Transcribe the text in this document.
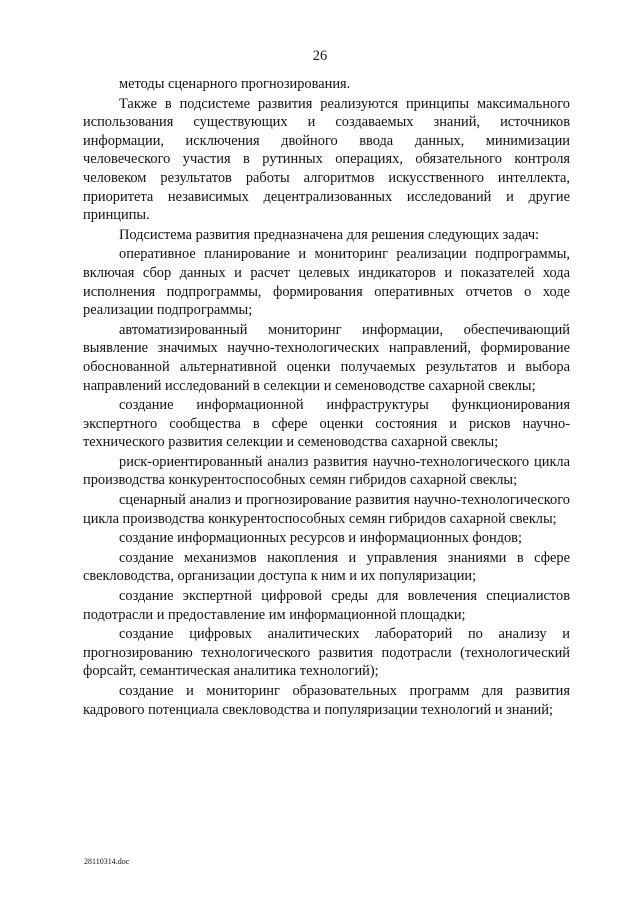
26

методы сценарного прогнозирования.

Также в подсистеме развития реализуются принципы максимального использования существующих и создаваемых знаний, источников информации, исключения двойного ввода данных, минимизации человеческого участия в рутинных операциях, обязательного контроля человеком результатов работы алгоритмов искусственного интеллекта, приоритета независимых децентрализованных исследований и другие принципы.

Подсистема развития предназначена для решения следующих задач:

оперативное планирование и мониторинг реализации подпрограммы, включая сбор данных и расчет целевых индикаторов и показателей хода исполнения подпрограммы, формирования оперативных отчетов о ходе реализации подпрограммы;

автоматизированный мониторинг информации, обеспечивающий выявление значимых научно-технологических направлений, формирование обоснованной альтернативной оценки получаемых результатов и выбора направлений исследований в селекции и семеноводстве сахарной свеклы;

создание информационной инфраструктуры функционирования экспертного сообщества в сфере оценки состояния и рисков научно-технического развития селекции и семеноводства сахарной свеклы;

риск-ориентированный анализ развития научно-технологического цикла производства конкурентоспособных семян гибридов сахарной свеклы;

сценарный анализ и прогнозирование развития научно-технологического цикла производства конкурентоспособных семян гибридов сахарной свеклы;

создание информационных ресурсов и информационных фондов;

создание механизмов накопления и управления знаниями в сфере свекловодства, организации доступа к ним и их популяризации;

создание экспертной цифровой среды для вовлечения специалистов подотрасли и предоставление им информационной площадки;

создание цифровых аналитических лабораторий по анализу и прогнозированию технологического развития подотрасли (технологический форсайт, семантическая аналитика технологий);

создание и мониторинг образовательных программ для развития кадрового потенциала свекловодства и популяризации технологий и знаний;

28110314.doc
